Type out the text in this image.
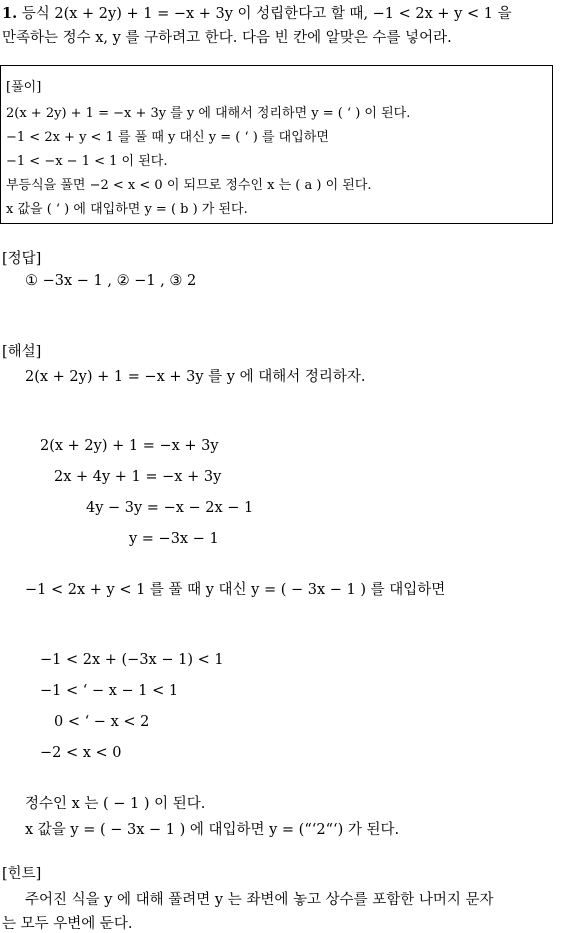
1. 등식 2(x + 2y) + 1 = −x + 3y 이 성립한다고 할 때, −1 < 2x + y < 1 을
만족하는 정수 x, y 를 구하려고 한다. 다음 빈 칸에 알맞은 수를 넣어라.
[풀이]
2(x + 2y) + 1 = −x + 3y 를 y 에 대해서 정리하면 y = ( ‘ ) 이 된다.
−1 < 2x + y < 1 를 풀 때 y 대신 y = ( ‘ ) 를 대입하면
−1 < −x − 1 < 1 이 된다.
부등식을 풀면 −2 < x < 0 이 되므로 정수인 x 는 ( a ) 이 된다.
x 값을 ( ‘ ) 에 대입하면 y = ( b ) 가 된다.
[정답]
① −3x − 1 , ② −1 , ③ 2
[해설]
2(x + 2y) + 1 = −x + 3y 를 y 에 대해서 정리하자.
2(x + 2y) + 1 = −x + 3y
2x + 4y + 1 = −x + 3y
4y − 3y = −x − 2x − 1
y = −3x − 1
−1 < 2x + y < 1 를 풀 때 y 대신 y = ( − 3x − 1 ) 를 대입하면
−1 < 2x + (−3x − 1) < 1
−1 < ‘ − x − 1 < 1
0 < ‘ − x < 2
−2 < x < 0
정수인 x 는 ( − 1 ) 이 된다.
x 값을 y = ( − 3x − 1 ) 에 대입하면 y = (“‘2“‘) 가 된다.
[힌트]
주어진 식을 y 에 대해 풀려면 y 는 좌변에 놓고 상수를 포함한 나머지 문자
는 모두 우변에 둔다.
